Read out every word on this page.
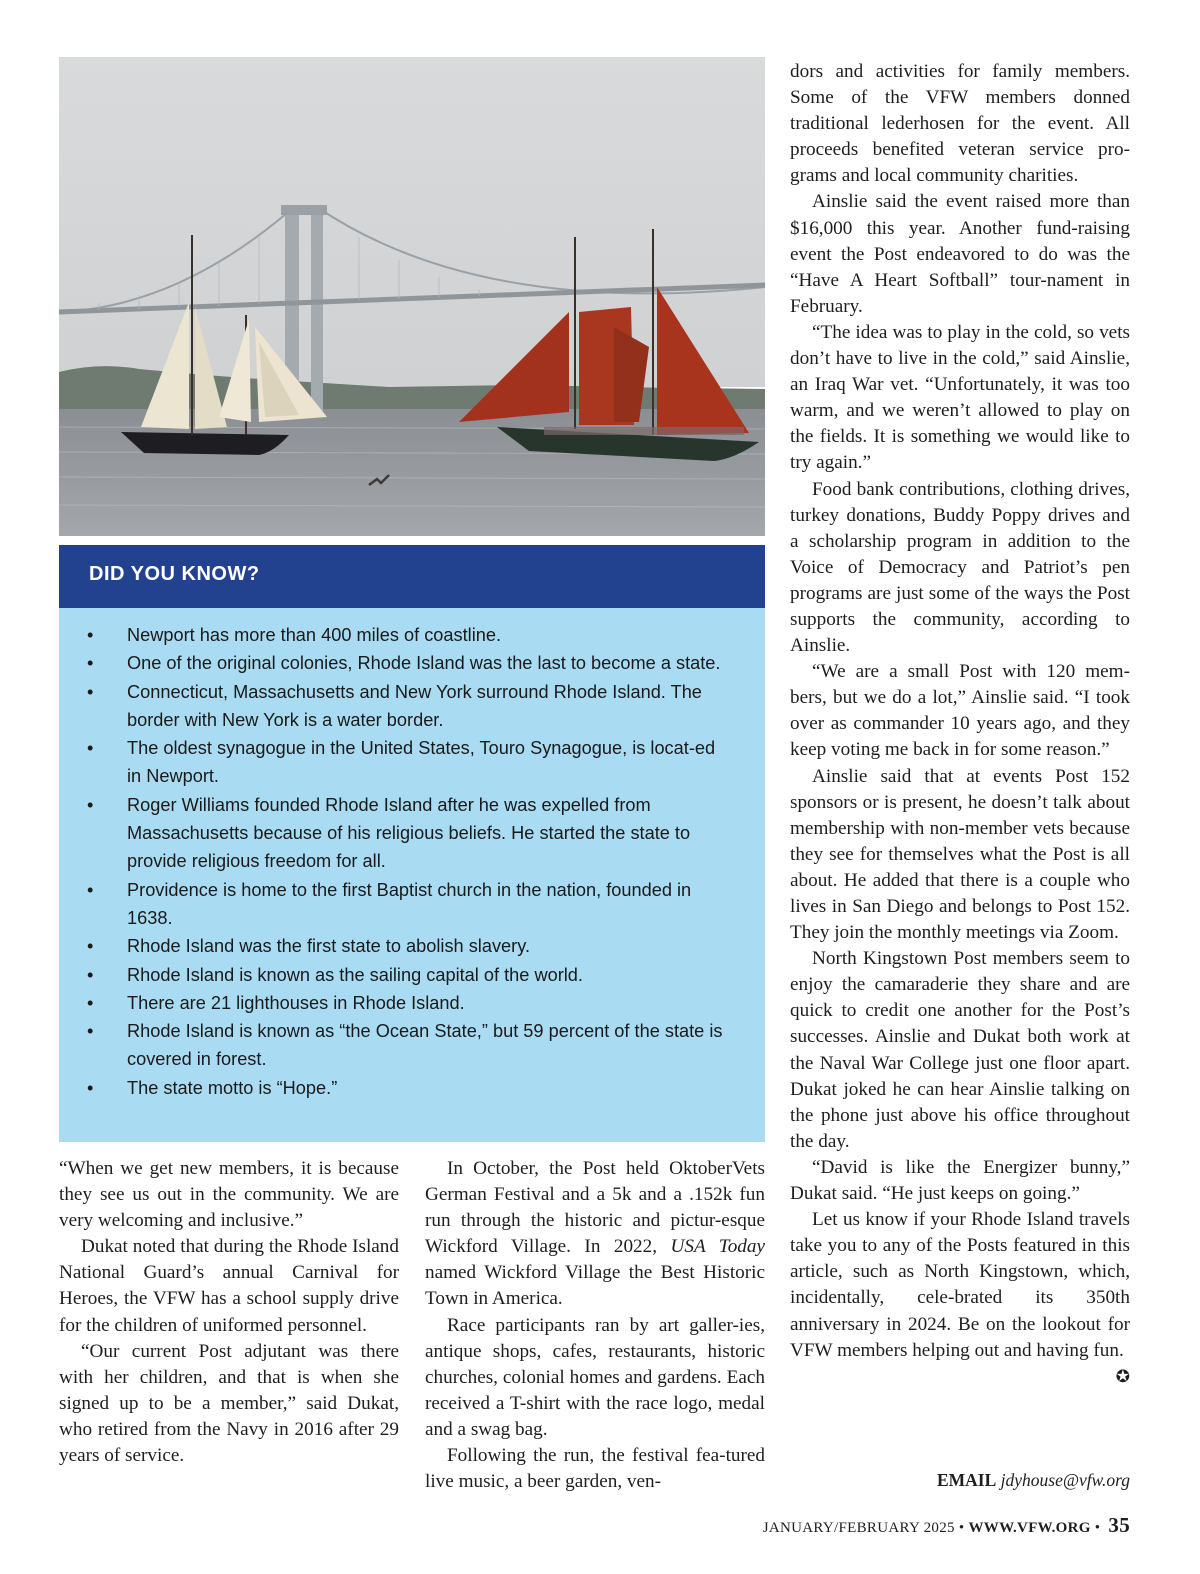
DID YOU KNOW?
• Newport has more than 400 miles of coastline.
• One of the original colonies, Rhode Island was the last to become a state.
• Connecticut, Massachusetts and New York surround Rhode Island. The border with New York is a water border.
• The oldest synagogue in the United States, Touro Synagogue, is locat-ed in Newport.
• Roger Williams founded Rhode Island after he was expelled from Massachusetts because of his religious beliefs. He started the state to provide religious freedom for all.
• Providence is home to the first Baptist church in the nation, founded in 1638.
• Rhode Island was the first state to abolish slavery.
• Rhode Island is known as the sailing capital of the world.
• There are 21 lighthouses in Rhode Island.
• Rhode Island is known as “the Ocean State,” but 59 percent of the state is covered in forest.
• The state motto is “Hope.”

“When we get new members, it is because they see us out in the community. We are very welcoming and inclusive.”

Dukat noted that during the Rhode Island National Guard’s annual Carnival for Heroes, the VFW has a school supply drive for the children of uniformed personnel.

“Our current Post adjutant was there with her children, and that is when she signed up to be a member,” said Dukat, who retired from the Navy in 2016 after 29 years of service.

In October, the Post held OktoberVets German Festival and a 5k and a .152k fun run through the historic and pictur-esque Wickford Village. In 2022, USA Today named Wickford Village the Best Historic Town in America.

Race participants ran by art galler-ies, antique shops, cafes, restaurants, historic churches, colonial homes and gardens. Each received a T-shirt with the race logo, medal and a swag bag.

Following the run, the festival fea-tured live music, a beer garden, ven-

dors and activities for family members. Some of the VFW members donned traditional lederhosen for the event. All proceeds benefited veteran service pro-grams and local community charities.

Ainslie said the event raised more than $16,000 this year. Another fund-raising event the Post endeavored to do was the “Have A Heart Softball” tour-nament in February.

“The idea was to play in the cold, so vets don’t have to live in the cold,” said Ainslie, an Iraq War vet. “Unfortunately, it was too warm, and we weren’t allowed to play on the fields. It is something we would like to try again.”

Food bank contributions, clothing drives, turkey donations, Buddy Poppy drives and a scholarship program in addition to the Voice of Democracy and Patriot’s pen programs are just some of the ways the Post supports the community, according to Ainslie.

“We are a small Post with 120 mem-bers, but we do a lot,” Ainslie said. “I took over as commander 10 years ago, and they keep voting me back in for some reason.”

Ainslie said that at events Post 152 sponsors or is present, he doesn’t talk about membership with non-member vets because they see for themselves what the Post is all about. He added that there is a couple who lives in San Diego and belongs to Post 152. They join the monthly meetings via Zoom.

North Kingstown Post members seem to enjoy the camaraderie they share and are quick to credit one another for the Post’s successes. Ainslie and Dukat both work at the Naval War College just one floor apart. Dukat joked he can hear Ainslie talking on the phone just above his office throughout the day.

“David is like the Energizer bunny,” Dukat said. “He just keeps on going.”

Let us know if your Rhode Island travels take you to any of the Posts featured in this article, such as North Kingstown, which, incidentally, cele-brated its 350th anniversary in 2024. Be on the lookout for VFW members helping out and having fun.
✪

EMAIL jdyhouse@vfw.org
JANUARY/FEBRUARY 2025 • WWW.VFW.ORG • 35
